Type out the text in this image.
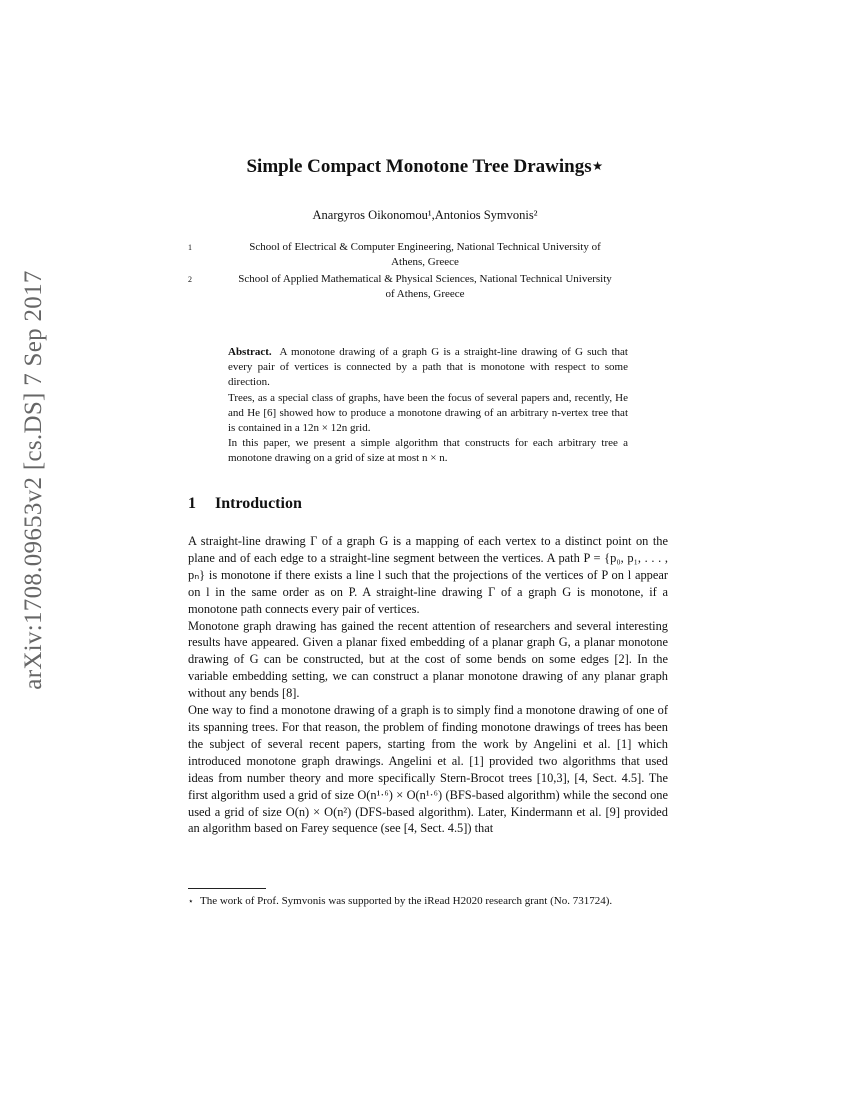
arXiv:1708.09653v2 [cs.DS] 7 Sep 2017
Simple Compact Monotone Tree Drawings⋆
Anargyros Oikonomou¹,Antonios Symvonis²
1	School of Electrical & Computer Engineering, National Technical University of
Athens, Greece
2	School of Applied Mathematical & Physical Sciences, National Technical University
of Athens, Greece

Abstract. A monotone drawing of a graph G is a straight-line drawing of G such that every pair of vertices is connected by a path that is monotone with respect to some direction.

Trees, as a special class of graphs, have been the focus of several papers and, recently, He and He [6] showed how to produce a monotone drawing of an arbitrary n-vertex tree that is contained in a 12n × 12n grid.

In this paper, we present a simple algorithm that constructs for each arbitrary tree a monotone drawing on a grid of size at most n × n.

1 Introduction

A straight-line drawing Γ of a graph G is a mapping of each vertex to a distinct point on the plane and of each edge to a straight-line segment between the vertices. A path P = {p₀, p₁, . . . , pₙ} is monotone if there exists a line l such that the projections of the vertices of P on l appear on l in the same order as on P. A straight-line drawing Γ of a graph G is monotone, if a monotone path connects every pair of vertices.

Monotone graph drawing has gained the recent attention of researchers and several interesting results have appeared. Given a planar fixed embedding of a planar graph G, a planar monotone drawing of G can be constructed, but at the cost of some bends on some edges [2]. In the variable embedding setting, we can construct a planar monotone drawing of any planar graph without any bends [8].

One way to find a monotone drawing of a graph is to simply find a monotone drawing of one of its spanning trees. For that reason, the problem of finding monotone drawings of trees has been the subject of several recent papers, starting from the work by Angelini et al. [1] which introduced monotone graph drawings. Angelini et al. [1] provided two algorithms that used ideas from number theory and more specifically Stern-Brocot trees [10,3], [4, Sect. 4.5]. The first algorithm used a grid of size O(n¹·⁶) × O(n¹·⁶) (BFS-based algorithm) while the second one used a grid of size O(n) × O(n²) (DFS-based algorithm). Later, Kindermann et al. [9] provided an algorithm based on Farey sequence (see [4, Sect. 4.5]) that

⋆ The work of Prof. Symvonis was supported by the iRead H2020 research grant (No. 731724).
